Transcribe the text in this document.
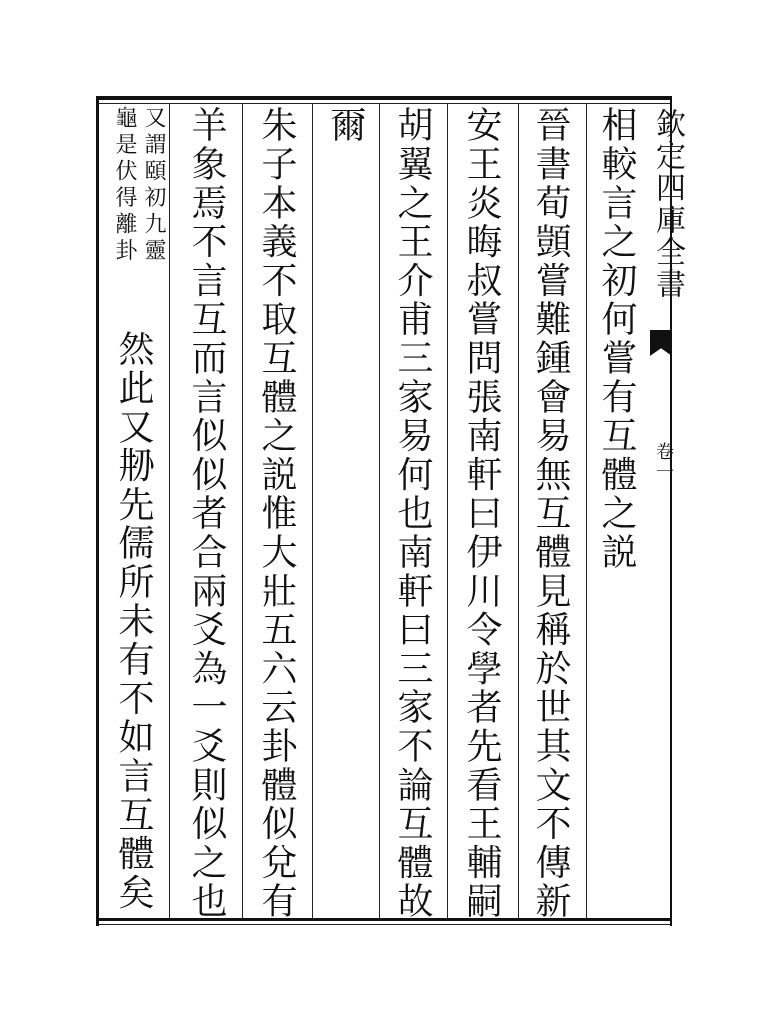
相較言之初何嘗有互體之説
晉書荀顗嘗難鍾會易無互體見稱於世其文不傳新
安王炎晦叔嘗問張南軒曰伊川令學者先看王輔嗣
胡翼之王介甫三家易何也南軒曰三家不論互體故
爾
朱子本義不取互體之説惟大壯五六云卦體似兌有
羊象焉不言互而言似似者合兩爻為一爻則似之也
又謂頤初九靈
龜是伏得離卦
然此又刱先儒所未有不如言互體矣
欽定四庫全書
卷一
